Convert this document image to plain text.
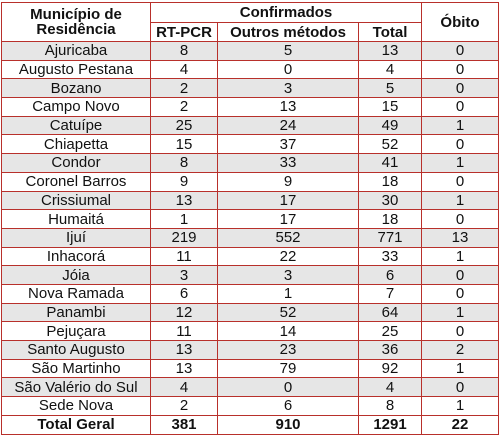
Município de
Residência	Confirmados			Óbito
	RT-PCR	Outros métodos	Total	
Ajuricaba	8	5	13	0
Augusto Pestana	4	0	4	0
Bozano	2	3	5	0
Campo Novo	2	13	15	0
Catuípe	25	24	49	1
Chiapetta	15	37	52	0
Condor	8	33	41	1
Coronel Barros	9	9	18	0
Crissiumal	13	17	30	1
Humaitá	1	17	18	0
Ijuí	219	552	771	13
Inhacorá	11	22	33	1
Jóia	3	3	6	0
Nova Ramada	6	1	7	0
Panambi	12	52	64	1
Pejuçara	11	14	25	0
Santo Augusto	13	23	36	2
São Martinho	13	79	92	1
São Valério do Sul	4	0	4	0
Sede Nova	2	6	8	1
Total Geral	381	910	1291	22
